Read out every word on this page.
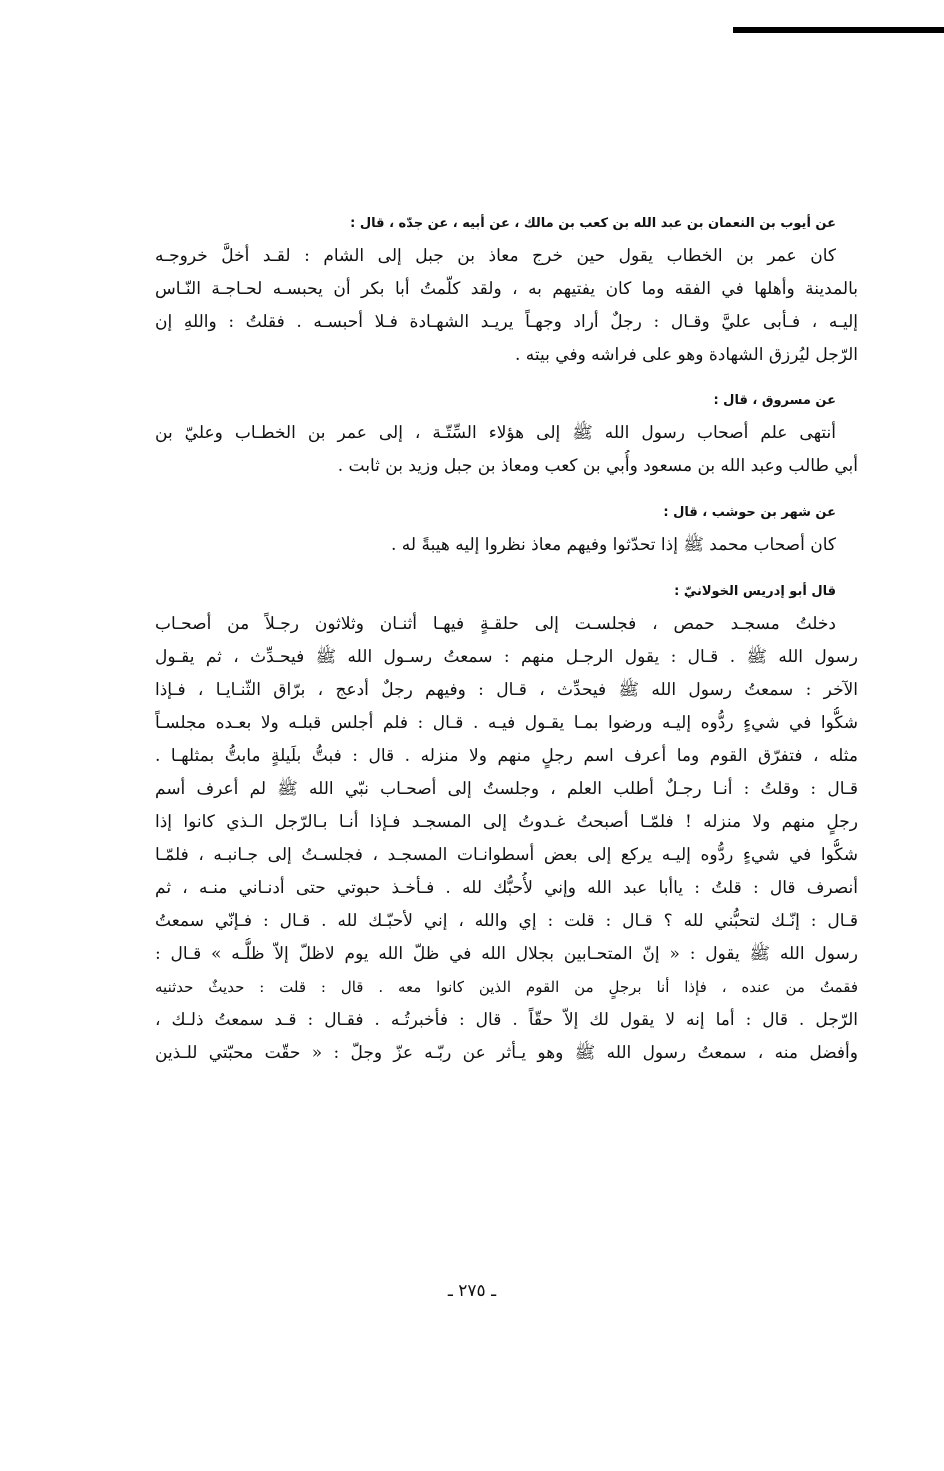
عن أيوب بن النعمان بن عبد الله بن كعب بن مالك ، عن أبيه ، عن جدّه ، قال :
كان عمر بن الخطاب يقول حين خرج معاذ بن جبل إلى الشام : لقـد أخلَّ خروجـه
بالمدينة وأهلها في الفقه وما كان يفتيهم به ، ولقد كلّمتُ أبا بكر أن يحبسـه لحـاجـة النّـاس
إليـه ، فـأبى عليَّ وقـال : رجلٌ أراد وجهـاً يريـد الشهـادة فـلا أحبسـه . فقلتُ : واللهِ إن
الرّجل ليُرزق الشهادة وهو على فراشه وفي بيته .
عن مسروق ، قال :
أنتهى علم أصحاب رسول الله ﷺ إلى هؤلاء السِّتّـة ، إلى عمر بن الخطـاب وعليّ بن
أبي طالب وعبد الله بن مسعود وأُبي بن كعب ومعاذ بن جبل وزيد بن ثابت .
عن شهر بن حوشب ، قال :
كان أصحاب محمد ﷺ إذا تحدّثوا وفيهم معاذ نظروا إليه هيبةً له .
قال أبو إدريس الخولانيّ :
دخلتُ مسجـد حمص ، فجلسـت إلى حلقـةٍ فيهـا أثنـان وثلاثون رجـلاً من أصحـاب
رسول الله ﷺ . قـال : يقول الرجـل منهم : سمعتُ رسـول الله ﷺ فيحـدِّث ، ثم يقـول
الآخر : سمعتُ رسول الله ﷺ فيحدِّث ، قـال : وفيهم رجلٌ أدعج ، برّاق الثّنـايـا ، فـإذا
شكُّوا في شيءٍ ردُّوه إليـه ورضوا بمـا يقـول فيـه . قـال : فلم أجلس قبلـه ولا بعـده مجلسـاً
مثله ، فتفرّق القوم وما أعرف اسم رجلٍ منهم ولا منزله . قال : فبتُّ بلَيلةٍ مابتُّ بمثلهـا .
قـال : وقلتُ : أنـا رجـلٌ أطلب العلم ، وجلستُ إلى أصحـاب نبّي الله ﷺ لم أعرف أسم
رجلٍ منهم ولا منزله ! فلمّـا أصبحتُ غـدوتُ إلى المسجـد فـإذا أنـا بـالرّجل الـذي كانوا إذا
شكُّوا في شيءٍ ردُّوه إليـه يركع إلى بعض أسطوانـات المسجـد ، فجلسـتُ إلى جـانبـه ، فلمّـا
أنصرف قال : قلتُ : ياأبا عبد الله وإني لأُحبُّك لله . فـأخـذ حبوتي حتى أدنـاني منـه ، ثم
قـال : إنّـك لتحبُّني لله ؟ قـال : قلت : إي والله ، إني لأحبّـك لله . قـال : فـإنّي سمعتُ
رسول الله ﷺ يقول : « إنّ المتحـابين بجلال الله في ظلّ الله يوم لاظلّ إلاّ ظلُّـه » قـال :
فقمتُ من عنده ، فإذا أنا برجلٍ من القوم الذين كانوا معه . قال : قلت : حديثٌ حدثنيه
الرّجل . قال : أما إنه لا يقول لك إلاّ حقّاً . قال : فأخبرتُـه . فقـال : قـد سمعتُ ذلـك ،
وأفضل منه ، سمعتُ رسول الله ﷺ وهو يـأثر عن ربّـه عزّ وجلّ : « حقّت محبّتي للـذين
ـ ٢٧٥ ـ
